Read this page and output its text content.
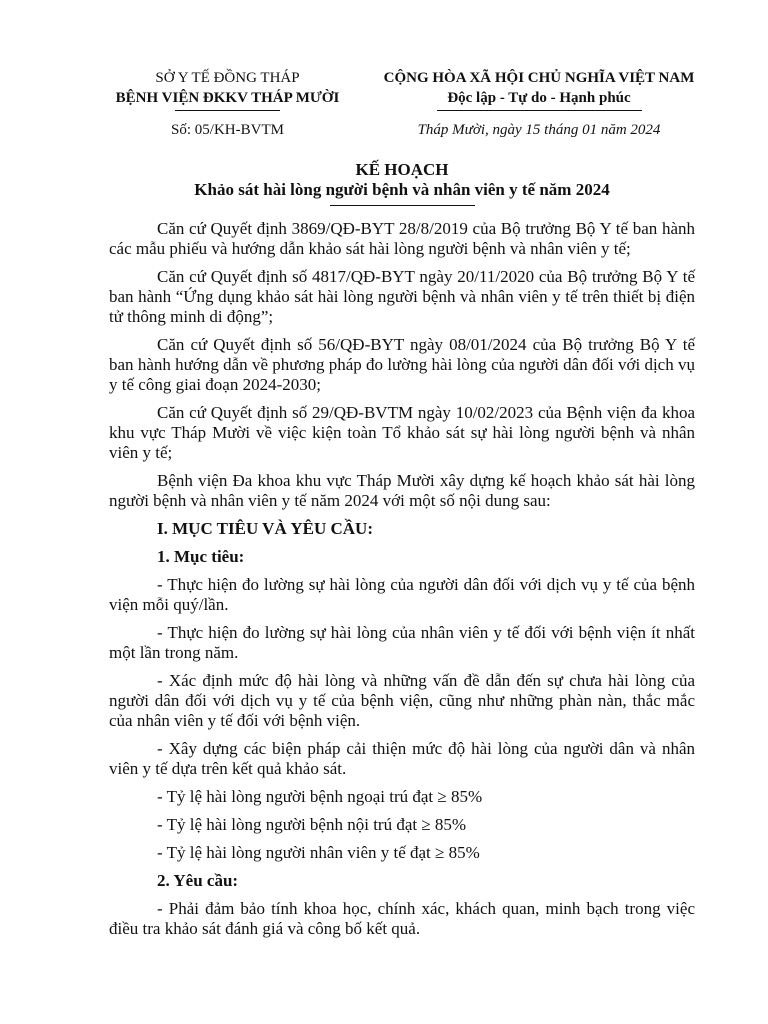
SỞ Y TẾ ĐỒNG THÁP
BỆNH VIỆN ĐKKV THÁP MƯỜI
CỘNG HÒA XÃ HỘI CHỦ NGHĨA VIỆT NAM
Độc lập - Tự do - Hạnh phúc
Số: 05/KH-BVTM	Tháp Mười, ngày 15 tháng 01 năm 2024
KẾ HOẠCH
Khảo sát hài lòng người bệnh và nhân viên y tế năm 2024

Căn cứ Quyết định 3869/QĐ-BYT 28/8/2019 của Bộ trưởng Bộ Y tế ban hành các mẫu phiếu và hướng dẫn khảo sát hài lòng người bệnh và nhân viên y tế;

Căn cứ Quyết định số 4817/QĐ-BYT ngày 20/11/2020 của Bộ trưởng Bộ Y tế ban hành “Ứng dụng khảo sát hài lòng người bệnh và nhân viên y tế trên thiết bị điện tử thông minh di động”;

Căn cứ Quyết định số 56/QĐ-BYT ngày 08/01/2024 của Bộ trưởng Bộ Y tế ban hành hướng dẫn về phương pháp đo lường hài lòng của người dân đối với dịch vụ y tế công giai đoạn 2024-2030;

Căn cứ Quyết định số 29/QĐ-BVTM ngày 10/02/2023 của Bệnh viện đa khoa khu vực Tháp Mười về việc kiện toàn Tổ khảo sát sự hài lòng người bệnh và nhân viên y tế;

Bệnh viện Đa khoa khu vực Tháp Mười xây dựng kế hoạch khảo sát hài lòng người bệnh và nhân viên y tế năm 2024 với một số nội dung sau:

I. MỤC TIÊU VÀ YÊU CẦU:

1. Mục tiêu:

- Thực hiện đo lường sự hài lòng của người dân đối với dịch vụ y tế của bệnh viện mỗi quý/lần.

- Thực hiện đo lường sự hài lòng của nhân viên y tế đối với bệnh viện ít nhất một lần trong năm.

- Xác định mức độ hài lòng và những vấn đề dẫn đến sự chưa hài lòng của người dân đối với dịch vụ y tế của bệnh viện, cũng như những phàn nàn, thắc mắc của nhân viên y tế đối với bệnh viện.

- Xây dựng các biện pháp cải thiện mức độ hài lòng của người dân và nhân viên y tế dựa trên kết quả khảo sát.

- Tỷ lệ hài lòng người bệnh ngoại trú đạt ≥ 85%

- Tỷ lệ hài lòng người bệnh nội trú đạt ≥ 85%

- Tỷ lệ hài lòng người nhân viên y tế đạt ≥ 85%

2. Yêu cầu:

- Phải đảm bảo tính khoa học, chính xác, khách quan, minh bạch trong việc điều tra khảo sát đánh giá và công bố kết quả.
